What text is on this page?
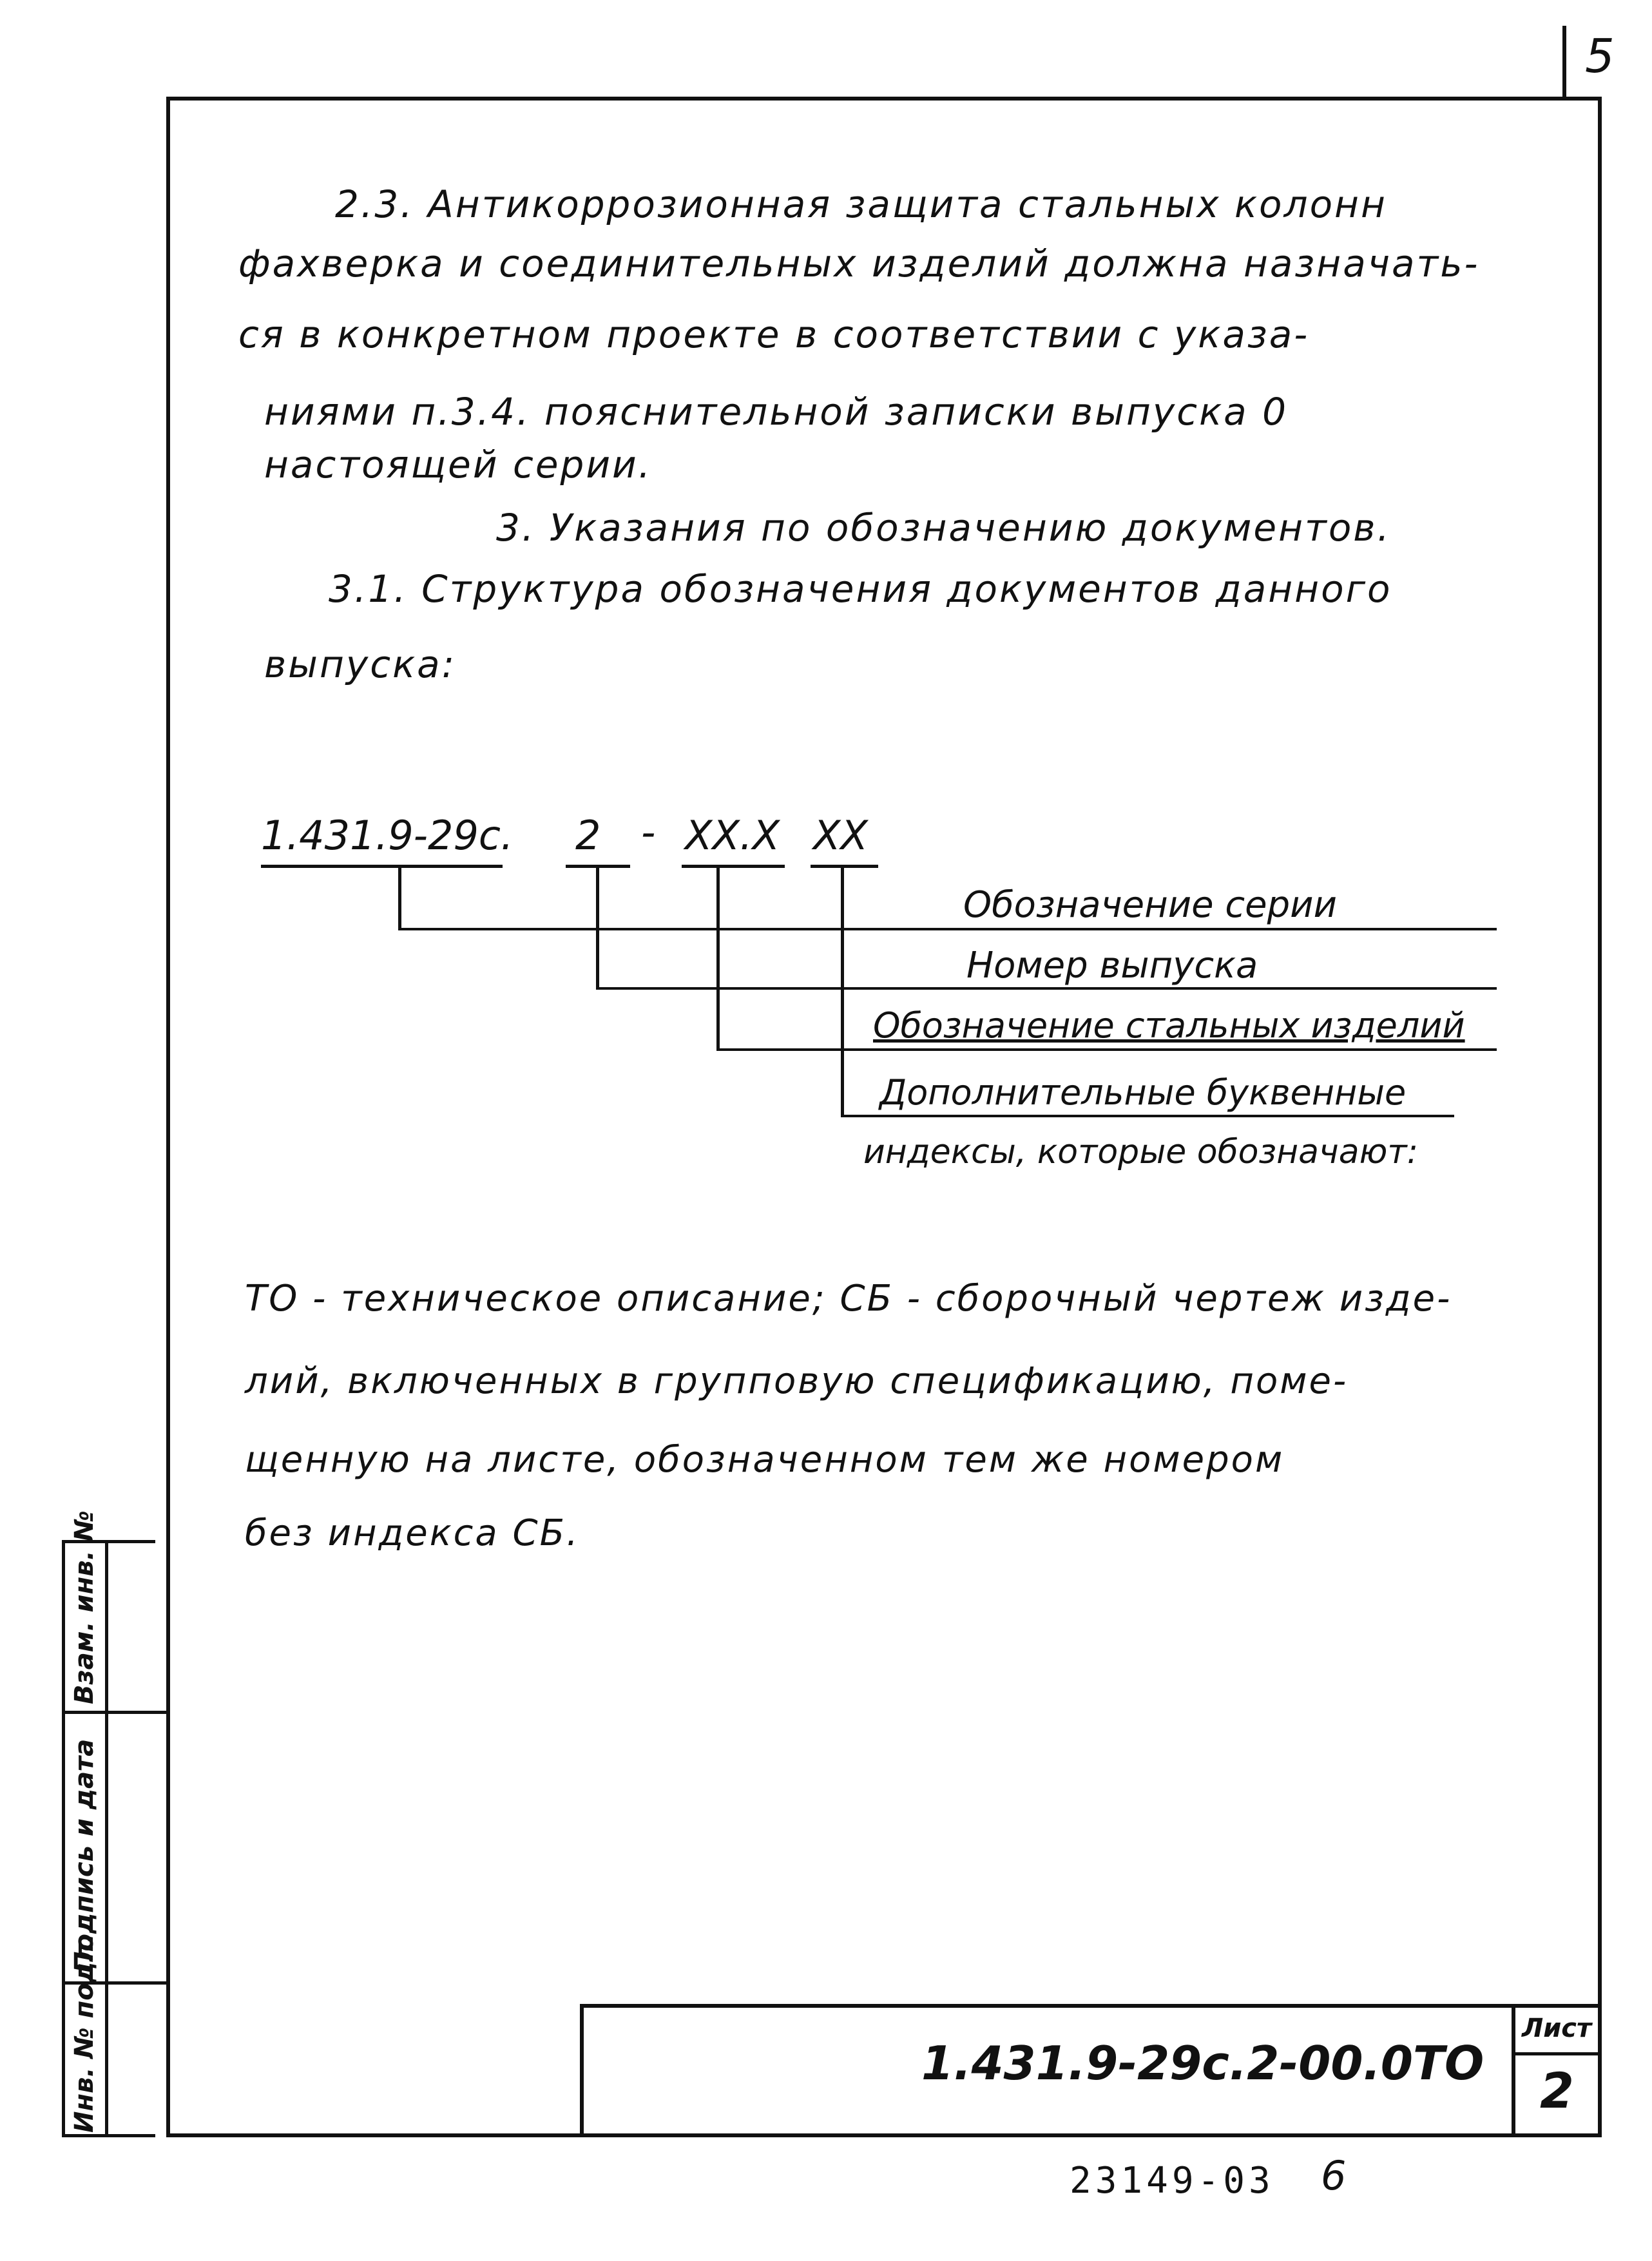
5
2.3. Антикоррозионная защита стальных колонн
фахверка и соединительных изделий должна назначать-
ся в конкретном проекте в соответствии с указа-
ниями п.3.4. пояснительной записки выпуска 0
настоящей серии.
3. Указания по обозначению документов.
3.1. Структура обозначения документов данного
выпуска:
1.431.9-29с. 2 - XX.X XX
Обозначение серии
Номер выпуска
Обозначение стальных изделий
Дополнительные буквенные
индексы, которые обозначают:
ТО - техническое описание; СБ - сборочный чертеж изде-
лий, включенных в групповую спецификацию, поме-
щенную на листе, обозначенном тем же номером
без индекса СБ.
Взам. инв. №
Подпись и дата
Инв. № подл.	1.431.9-29с.2-00.0ТО
Лист
2
23149-03 6
